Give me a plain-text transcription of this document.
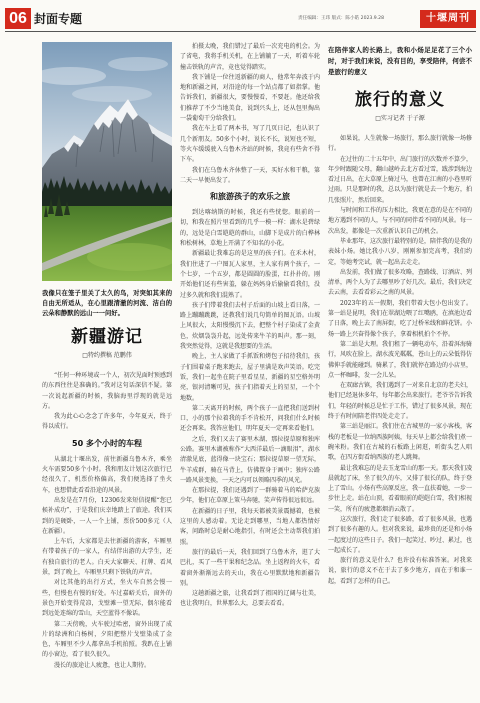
06 封面专题	责任编辑：王玮 版式：陈小皓 2023.9.28	十堰周刊

我像只在笼子里关了太久的鸟，对突如其来的自由无所适从，在心里跟清澈的河流、洁白的云朵和静默的远山一一问好。

新疆游记
□特约撰稿 范鹏伟

“任何一种环境或一个人，初次见面时预感到的东西往往是准确的。”我对这句话深信不疑。第一次说起新疆的时候，我脑海里浮现的就是远方。

我为此心心念念了许多年，今年夏天，终于得以成行。

50 多个小时的车程

从湖北十堰出发，前往新疆乌鲁木齐，乘坐火车需要50多个小时。我和朋友计划这次旅行已经很久了，机票价格偏高，我们便选择了坐火车，也想借此看看沿途的风景。

出发是在7月份，12306发来短信提醒“您已候补成功”，于是我们庆幸地踏上了旅途。我们买到的是硬卧，一人一个上铺，票价500多元（人在新疆）。

上车后，大家都是去往新疆的游客，车厢里有带着孩子的一家人，有结伴出游的大学生，还有独自旅行的老人。白天大家聊天、打牌、看风景，到了晚上，车厢里只剩下铁轨的声音。

对比其他的出行方式，坐火车自然会慢一些，但慢也有慢的好处。车过嘉峪关后，窗外的景色开始变得荒凉，戈壁滩一望无际，偶尔能看到远处连绵的雪山，天空蓝得不像话。

第二天傍晚，火车驶过哈密，窗外出现了成片的绿洲和白杨树，夕阳把整片戈壁染成了金色，车厢里不少人都拿出手机拍照。我趴在上铺的小窗边，看了很久很久。

漫长的旅途让人疲惫，也让人期待。

拍摄太晚，我们错过了最后一次充电的机会。为了省电，我将手机关机，在上铺躺了一天，听着车轮撞击铁轨的声音，竟也觉得踏实。

我下铺是一位往返新疆的商人，他常年奔波于内地和新疆之间，对沿途的每一个站点都了如指掌。他告诉我们，新疆很大，要慢慢看，不要赶。他还给我们推荐了不少当地美食，说到兴头上，还从包里掏出一袋葡萄干分给我们。

我在车上看了两本书，写了几页日记，也认识了几个新朋友。50多个小时，说长不长，说短也不短，等火车缓缓驶入乌鲁木齐站的时候，我竟有些舍不得下车。

我们在乌鲁木齐休整了一天，买好水和干粮，第二天一早便出发了。

和旅游孩子的欢乐之旅

到达喀纳斯的时候，我还有些恍惚。眼前的一切，和我在照片里看到的几乎一模一样：湖水是碧绿的，远处是白雪皑皑的群山，山脚下是成片的白桦林和松树林，草地上开满了不知名的小花。

新疆最让我难忘的是这里的孩子们。在禾木村，我们住进了一户图瓦人家里，主人家有两个孩子，一个七岁，一个五岁，都是圆圆的脸蛋，红扑扑的。刚开始他们还有些害羞，躲在妈妈身后偷偷看我们，没过多久就和我们混熟了。

孩子们带着我们去村子后面的山坡上看日落，一路上蹦蹦跳跳，还教我们说几句简单的图瓦语。山坡上风很大，太阳慢慢沉下去，把整个村子染成了金黄色，炊烟袅袅升起，远处传来牛羊的叫声。那一刻，我突然觉得，这就是我想要的生活。

晚上，主人家做了手抓饭和烤包子招待我们，孩子们围着桌子跑来跑去，屋子里满是欢声笑语。吃完饭，我们一起坐在院子里看星星，新疆的星空格外明亮，银河清晰可见，孩子们指着天上的星星，一个个地数。

第二天离开的时候，两个孩子一直把我们送到村口，小的那个拉着我的手不肯松开，问我们什么时候还会再来。我答应他们，明年夏天一定再来看他们。

之后，我们又去了赛里木湖、那拉提草原和独库公路。赛里木湖被称作“大西洋最后一滴眼泪”，湖水清澈见底，蓝得像一块宝石；那拉提草原一望无际，牛羊成群，骑在马背上，仿佛置身于画中；独库公路一路风景变换，一天之内可以领略四季的风光。

在那拉提，我们还遇到了一群骑着马的哈萨克族少年，他们在草原上策马奔驰，笑声传得很远很远。

在新疆的日子里，我每天都被美景震撼着，也被这里的人感动着。无论走到哪里，当地人都热情好客，问路时总是耐心地指引，有时还会主动帮我们拍照。

旅行的最后一天，我们回到了乌鲁木齐，逛了大巴扎，买了一些干果和纪念品。坐上返程的火车，看着窗外渐渐远去的天山，我在心里默默地和新疆告别。

这趟新疆之旅，让我看到了祖国的辽阔与壮美，也让我明白，世界那么大，总要去看看。

在陪伴家人的长路上，我和小炀足足花了三个小时，对于我们来说，没有目的，享受陪伴，何尝不是旅行的意义

旅行的意义
□实习记者 于子源

如果说，人生就像一场旅行，那么旅行就像一场修行。

在过往的二十五年中，出门旅行的次数并不算少，年少时跟随父母，翻山越岭去北方看过雪，跋涉到海边看过日出，在大草原上骑过马，也曾在江南的小巷里听过雨。只是那时的我，总以为旅行就是去一个地方，拍几张照片，然后回来。

与时间和工作的压力相比，我更在意的是在不同的地方遇到不同的人，与不同的同伴看不同的风景。每一次出发，都像是一次重新认识自己的机会。

毕业那年，这次旅行最特别的是，陪伴我的是我的表妹小炀。她比我小八岁，刚刚参加完高考，我们约定，等她考完试，就一起出去走走。

出发前，我们做了很多攻略，查路线、订酒店、列清单，两个人为了去哪里吵了好几次。最后，我们决定去云南，去看看彩云之南的风景。

2023年的五一假期，我们带着大包小包出发了。第一站是昆明，我们在翠湖边喂了红嘴鸥，在滇池边看了日落，晚上去了南屏街，吃了过桥米线和鲜花饼。小炀一路上兴奋得像个孩子，拿着相机拍个不停。

第二站是大理。我们租了一辆电动车，沿着洱海骑行，风吹在脸上，湖水波光粼粼，苍山上的云朵低得仿佛伸手就能碰到。骑累了，我们就停在路边的小店里，点一杯咖啡，发一会儿呆。

在双廊古镇，我们遇到了一对来自北京的老夫妇，他们已经退休多年，每年都会出来旅行。老爷爷告诉我们，年轻的时候总是忙于工作，错过了很多风景，现在终于有时间陪老伴四处走走了。

第三站是丽江。我们住在古城里的一家小客栈，客栈的老板是一位纳西族阿姨，每天早上都会给我们煮一碗米粉。我们在古城的石板路上闲逛，听街头艺人唱歌，在四方街看纳西族的老人跳舞。

最让我难忘的是去玉龙雪山的那一天。那天我们凌晨就起了床，坐了很久的车，又排了很长的队，终于登上了雪山。小炀有些高原反应，我一直扶着她，一步一步往上走。站在山顶，看着眼前的皑皑白雪，我们相视一笑，所有的疲惫都烟消云散了。

这次旅行，我们走了很多路，看了很多风景，也遇到了很多有趣的人。但对我来说，最珍贵的还是和小炀一起度过的这些日子。我们一起笑过、吵过、累过，也一起成长了。

旅行的意义是什么？也许没有标准答案。对我来说，旅行的意义不在于去了多少地方，而在于和谁一起，看到了怎样的自己。
